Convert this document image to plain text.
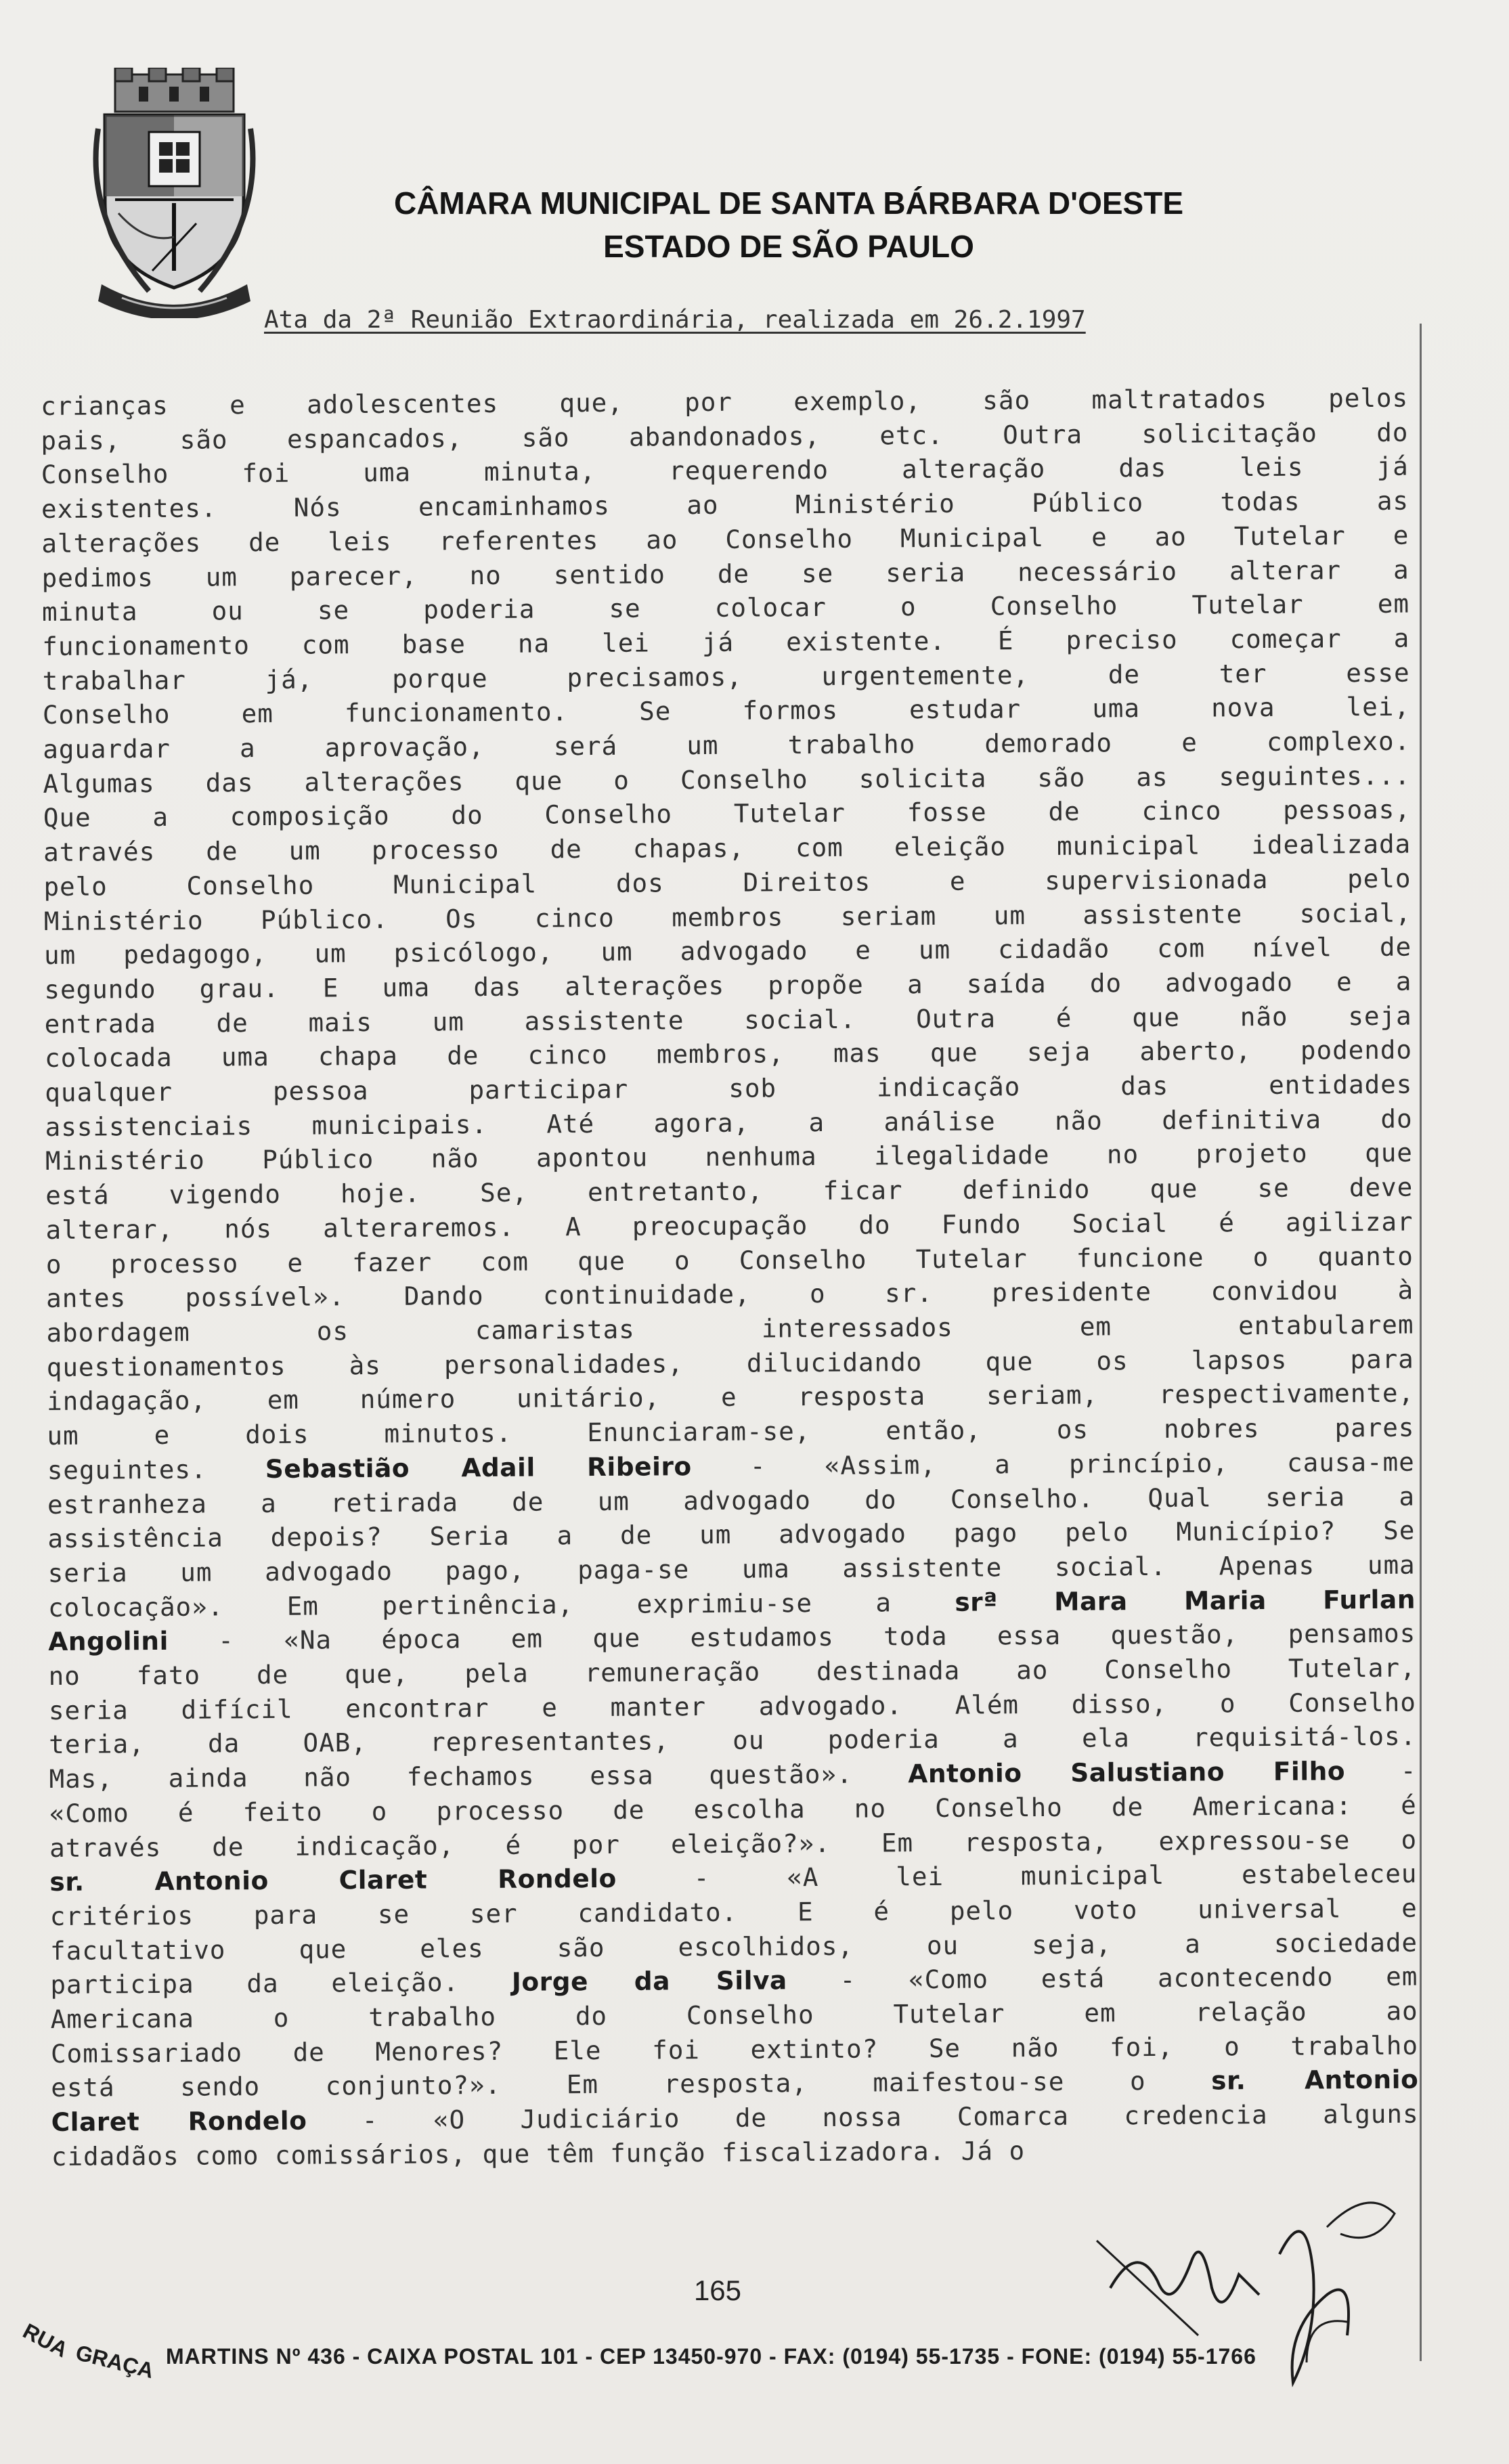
CÂMARA MUNICIPAL DE SANTA BÁRBARA D'OESTE
ESTADO DE SÃO PAULO
Ata da 2ª Reunião Extraordinária, realizada em 26.2.1997
crianças e adolescentes que, por exemplo, são maltratados pelos
pais, são espancados, são abandonados, etc. Outra solicitação do
Conselho foi uma minuta, requerendo alteração das leis já
existentes. Nós encaminhamos ao Ministério Público todas as
alterações de leis referentes ao Conselho Municipal e ao Tutelar e
pedimos um parecer, no sentido de se seria necessário alterar a
minuta ou se poderia se colocar o Conselho Tutelar em
funcionamento com base na lei já existente. É preciso começar a
trabalhar já, porque precisamos, urgentemente, de ter esse
Conselho em funcionamento. Se formos estudar uma nova lei,
aguardar a aprovação, será um trabalho demorado e complexo.
Algumas das alterações que o Conselho solicita são as seguintes...
Que a composição do Conselho Tutelar fosse de cinco pessoas,
através de um processo de chapas, com eleição municipal idealizada
pelo Conselho Municipal dos Direitos e supervisionada pelo
Ministério Público. Os cinco membros seriam um assistente social,
um pedagogo, um psicólogo, um advogado e um cidadão com nível de
segundo grau. E uma das alterações propõe a saída do advogado e a
entrada de mais um assistente social. Outra é que não seja
colocada uma chapa de cinco membros, mas que seja aberto, podendo
qualquer pessoa participar sob indicação das entidades
assistenciais municipais. Até agora, a análise não definitiva do
Ministério Público não apontou nenhuma ilegalidade no projeto que
está vigendo hoje. Se, entretanto, ficar definido que se deve
alterar, nós alteraremos. A preocupação do Fundo Social é agilizar
o processo e fazer com que o Conselho Tutelar funcione o quanto
antes possível». Dando continuidade, o sr. presidente convidou à
abordagem os camaristas interessados em entabularem
questionamentos às personalidades, dilucidando que os lapsos para
indagação, em número unitário, e resposta seriam, respectivamente,
um e dois minutos. Enunciaram-se, então, os nobres pares
seguintes. Sebastião Adail Ribeiro - «Assim, a princípio, causa-me
estranheza a retirada de um advogado do Conselho. Qual seria a
assistência depois? Seria a de um advogado pago pelo Município? Se
seria um advogado pago, paga-se uma assistente social. Apenas uma
colocação». Em pertinência, exprimiu-se a srª Mara Maria Furlan
Angolini - «Na época em que estudamos toda essa questão, pensamos
no fato de que, pela remuneração destinada ao Conselho Tutelar,
seria difícil encontrar e manter advogado. Além disso, o Conselho
teria, da OAB, representantes, ou poderia a ela requisitá-los.
Mas, ainda não fechamos essa questão». Antonio Salustiano Filho -
«Como é feito o processo de escolha no Conselho de Americana: é
através de indicação, é por eleição?». Em resposta, expressou-se o
sr. Antonio Claret Rondelo - «A lei municipal estabeleceu
critérios para se ser candidato. E é pelo voto universal e
facultativo que eles são escolhidos, ou seja, a sociedade
participa da eleição. Jorge da Silva - «Como está acontecendo em
Americana o trabalho do Conselho Tutelar em relação ao
Comissariado de Menores? Ele foi extinto? Se não foi, o trabalho
está sendo conjunto?». Em resposta, maifestou-se o sr. Antonio
Claret Rondelo - «O Judiciário de nossa Comarca credencia alguns
cidadãos como comissários, que têm função fiscalizadora. Já o
165
RUA GRAÇA MARTINS Nº 436 - CAIXA POSTAL 101 - CEP 13450-970 - FAX: (0194) 55-1735 - FONE: (0194) 55-1766
